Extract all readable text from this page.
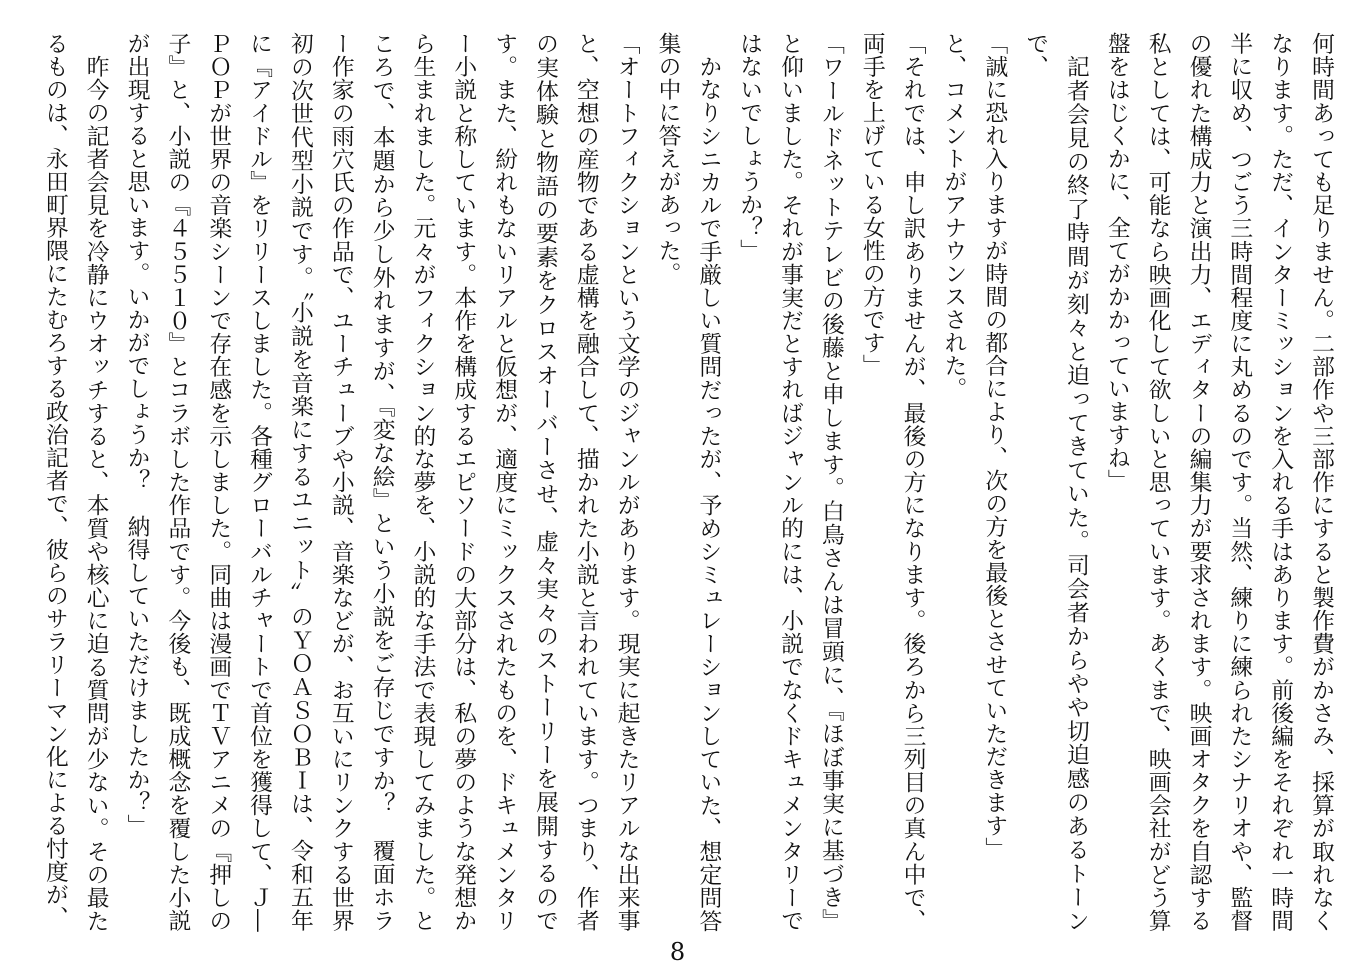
何時間あっても足りません。二部作や三部作にすると製作費がかさみ、採算が取れなくなります。ただ、インターミッションを入れる手はあります。前後編をそれぞれ一時間半に収め、つごう三時間程度に丸めるのです。当然、練りに練られたシナリオや、監督の優れた構成力と演出力、エディターの編集力が要求されます。映画オタクを自認する私としては、可能なら映画化して欲しいと思っています。あくまで、映画会社がどう算盤をはじくかに、全てがかかっていますね」

記者会見の終了時間が刻々と迫ってきていた。司会者からやや切迫感のあるトーンで、

「誠に恐れ入りますが時間の都合により、次の方を最後とさせていただきます」

と、コメントがアナウンスされた。

「それでは、申し訳ありませんが、最後の方になります。後ろから三列目の真ん中で、両手を上げている女性の方です」

「ワールドネットテレビの後藤と申します。白鳥さんは冒頭に、『ほぼ事実に基づき』と仰いました。それが事実だとすればジャンル的には、小説でなくドキュメンタリーではないでしょうか？」

かなりシニカルで手厳しい質問だったが、予めシミュレーションしていた、想定問答集の中に答えがあった。

「オートフィクションという文学のジャンルがあります。現実に起きたリアルな出来事と、空想の産物である虚構を融合して、描かれた小説と言われています。つまり、作者の実体験と物語の要素をクロスオーバーさせ、虚々実々のストーリーを展開するのです。また、紛れもないリアルと仮想が、適度にミックスされたものを、ドキュメンタリー小説と称しています。本作を構成するエピソードの大部分は、私の夢のような発想から生まれました。元々がフィクション的な夢を、小説的な手法で表現してみました。ところで、本題から少し外れますが、『変な絵』という小説をご存じですか？　覆面ホラー作家の雨穴氏の作品で、ユーチューブや小説、音楽などが、お互いにリンクする世界初の次世代型小説です。〝小説を音楽にするユニット〟のＹＯＡＳＯＢＩは、令和五年に『アイドル』をリリースしました。各種グローバルチャートで首位を獲得して、Ｊ―ＰＯＰが世界の音楽シーンで存在感を示しました。同曲は漫画でＴＶアニメの『押しの子』と、小説の『４５５１０』とコラボした作品です。今後も、既成概念を覆した小説が出現すると思います。いかがでしょうか？　納得していただけましたか？」

昨今の記者会見を冷静にウオッチすると、本質や核心に迫る質問が少ない。その最たるものは、永田町界隈にたむろする政治記者で、彼らのサラリーマン化による忖度が、

8
